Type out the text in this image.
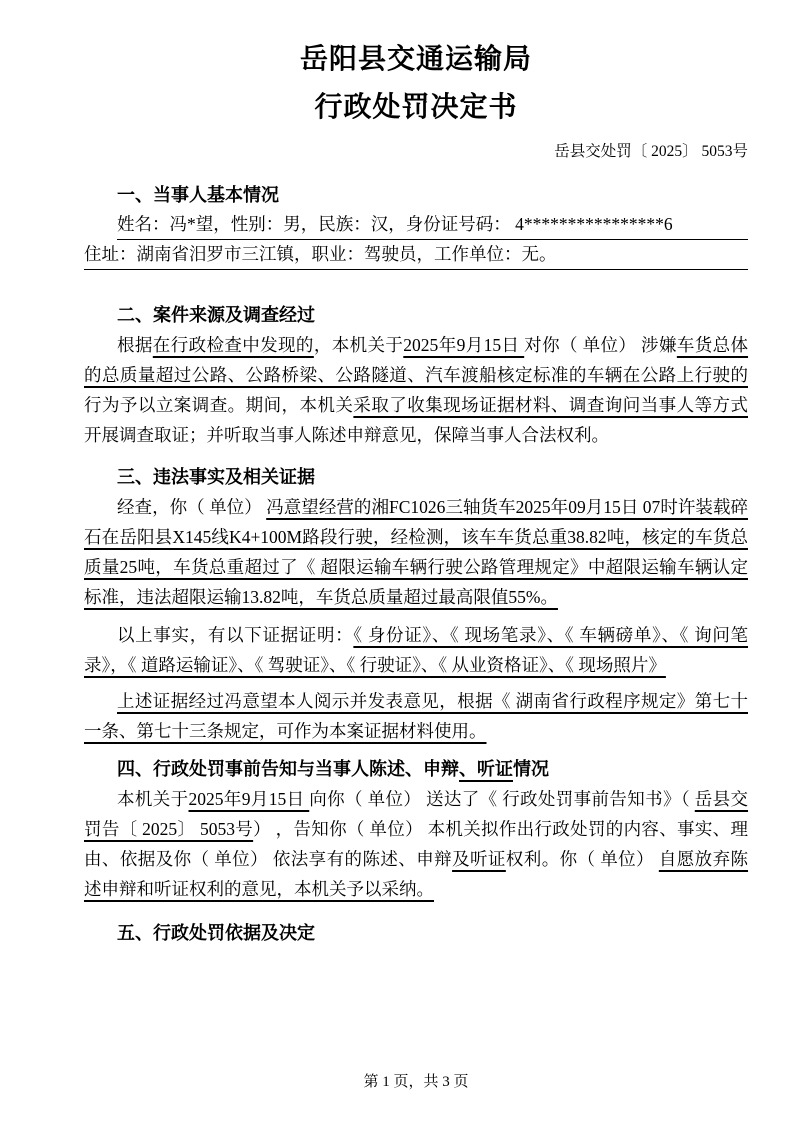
岳阳县交通运输局
行政处罚决定书
岳县交处罚〔 2025〕 5053号
一、当事人基本情况
姓名：冯*望，性别：男，民族：汉，身份证号码： 4****************6
住址：湖南省汨罗市三江镇，职业：驾驶员，工作单位：无。
二、案件来源及调查经过
根据在行政检查中发现的，本机关于2025年9月15日 对你（ 单位） 涉嫌车货总体的总质量超过公路、公路桥梁、公路隧道、汽车渡船核定标准的车辆在公路上行驶的行为予以立案调查。期间，本机关采取了收集现场证据材料、调查询问当事人等方式开展调查取证；并听取当事人陈述申辩意见，保障当事人合法权利。
三、违法事实及相关证据
经查，你（ 单位） 冯意望经营的湘FC1026三轴货车2025年09月15日 07时许装载碎石在岳阳县X145线K4+100M路段行驶，经检测，该车车货总重38.82吨，核定的车货总质量25吨，车货总重超过了《 超限运输车辆行驶公路管理规定》中超限运输车辆认定标准，违法超限运输13.82吨，车货总质量超过最高限值55%。
以上事实，有以下证据证明：《 身份证》、《 现场笔录》、《 车辆磅单》、《 询问笔录》，《 道路运输证》、《 驾驶证》、《 行驶证》、《 从业资格证》、《 现场照片》
上述证据经过冯意望本人阅示并发表意见，根据《 湖南省行政程序规定》第七十一条、第七十三条规定，可作为本案证据材料使用。
四、行政处罚事前告知与当事人陈述、申辩、听证情况
本机关于2025年9月15日 向你（ 单位） 送达了《 行政处罚事前告知书》（ 岳县交罚告〔 2025〕 5053号） ，告知你（ 单位） 本机关拟作出行政处罚的内容、事实、理由、依据及你（ 单位） 依法享有的陈述、申辩及听证权利。你（ 单位） 自愿放弃陈述申辩和听证权利的意见，本机关予以采纳。
五、行政处罚依据及决定
第 1 页，共 3 页
